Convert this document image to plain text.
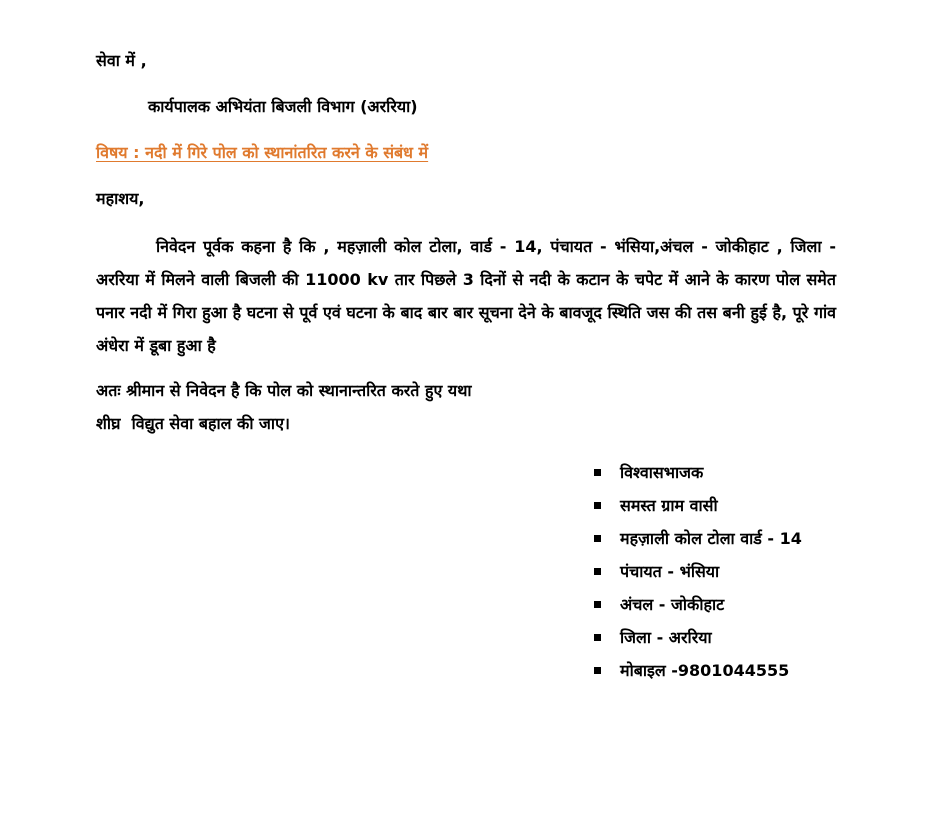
सेवा में ,
कार्यपालक अभियंता बिजली विभाग (अररिया)
विषय : नदी में गिरे पोल को स्थानांतरित करने के संबंध में
महाशय,
निवेदन पूर्वक कहना है कि , महज़ाली कोल टोला, वार्ड - 14, पंचायत - भंसिया,अंचल - जोकीहाट , जिला - अररिया में मिलने वाली बिजली की 11000 kv तार पिछले 3 दिनों से नदी के कटान के चपेट में आने के कारण पोल समेत पनार नदी में गिरा हुआ है घटना से पूर्व एवं घटना के बाद बार बार सूचना देने के बावजूद स्थिति जस की तस बनी हुई है, पूरे गांव अंधेरा में डूबा हुआ है
अतः श्रीमान से निवेदन है कि पोल को स्थानान्तरित करते हुए यथा
शीघ्र  विद्युत सेवा बहाल की जाए।
विश्वासभाजक
समस्त ग्राम वासी
महज़ाली कोल टोला वार्ड - 14
पंचायत - भंसिया
अंचल - जोकीहाट
जिला - अररिया
मोबाइल -9801044555
